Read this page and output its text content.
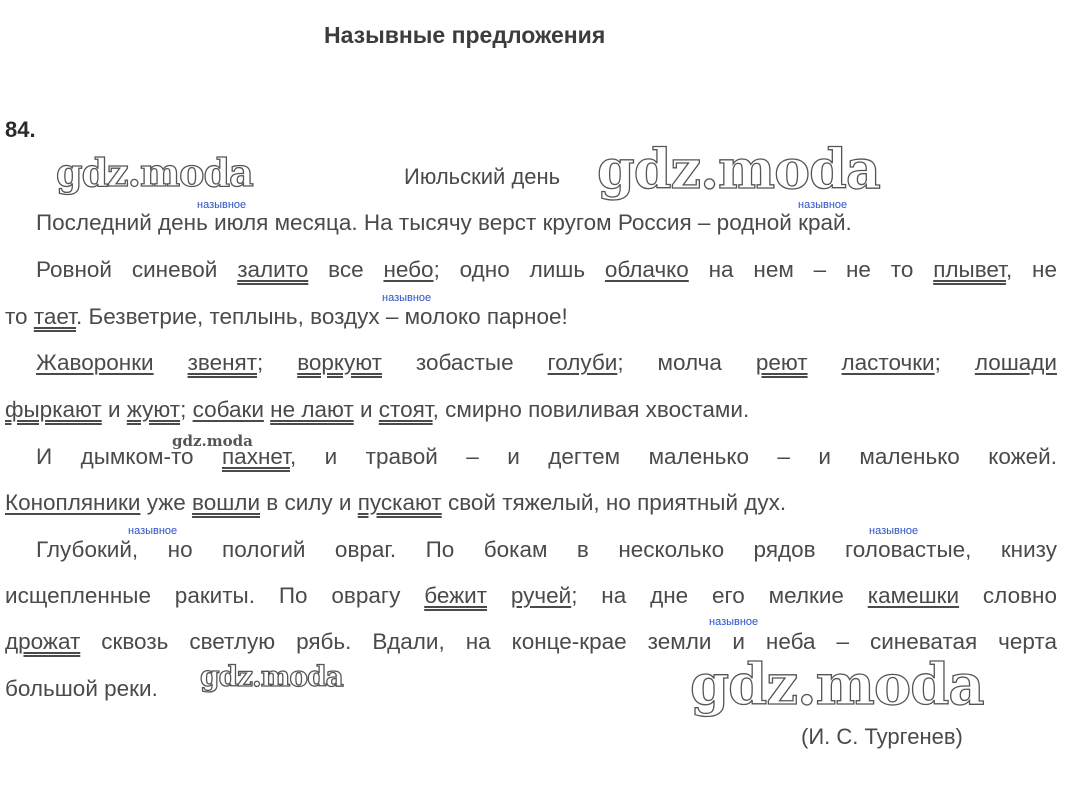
Назывные предложения
84.
gdz.moda	gdz.moda
gdz.moda
gdz.moda	gdz.moda
Июльский день
назывное	назывное
назывное
назывное	назывное
назывное
Последний день июля месяца. На тысячу верст кругом Россия – родной край.
Ровной синевой залито все небо; одно лишь облачко на нем – не то плывет, не
то тает. Безветрие, теплынь, воздух – молоко парное!
Жаворонки звенят; воркуют зобастые голуби; молча реют ласточки; лошади
фыркают и жуют; собаки не лают и стоят, смирно повиливая хвостами.
И дымком-то пахнет, и травой – и дегтем маленько – и маленько кожей.
Конопляники уже вошли в силу и пускают свой тяжелый, но приятный дух.
Глубокий, но пологий овраг. По бокам в несколько рядов головастые, книзу
исщепленные ракиты. По оврагу бежит ручей; на дне его мелкие камешки словно
дрожат сквозь светлую рябь. Вдали, на конце-крае земли и неба – синеватая черта
большой реки.
(И. С. Тургенев)
